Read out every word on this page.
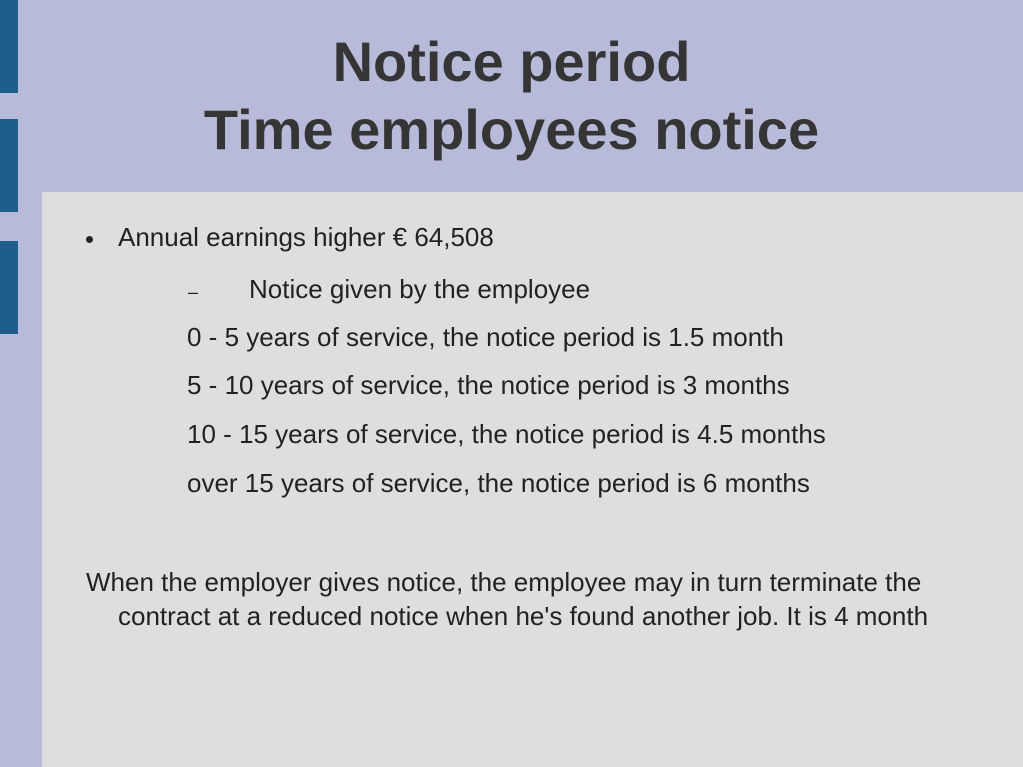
Notice period
Time employees notice
Annual earnings higher € 64,508
– Notice given by the employee
0 - 5 years of service, the notice period is 1.5 month
5 - 10 years of service, the notice period is 3 months
10 - 15 years of service, the notice period is 4.5 months
over 15 years of service, the notice period is 6 months
When the employer gives notice, the employee may in turn terminate the contract at a reduced notice when he's found another job. It is 4 month
